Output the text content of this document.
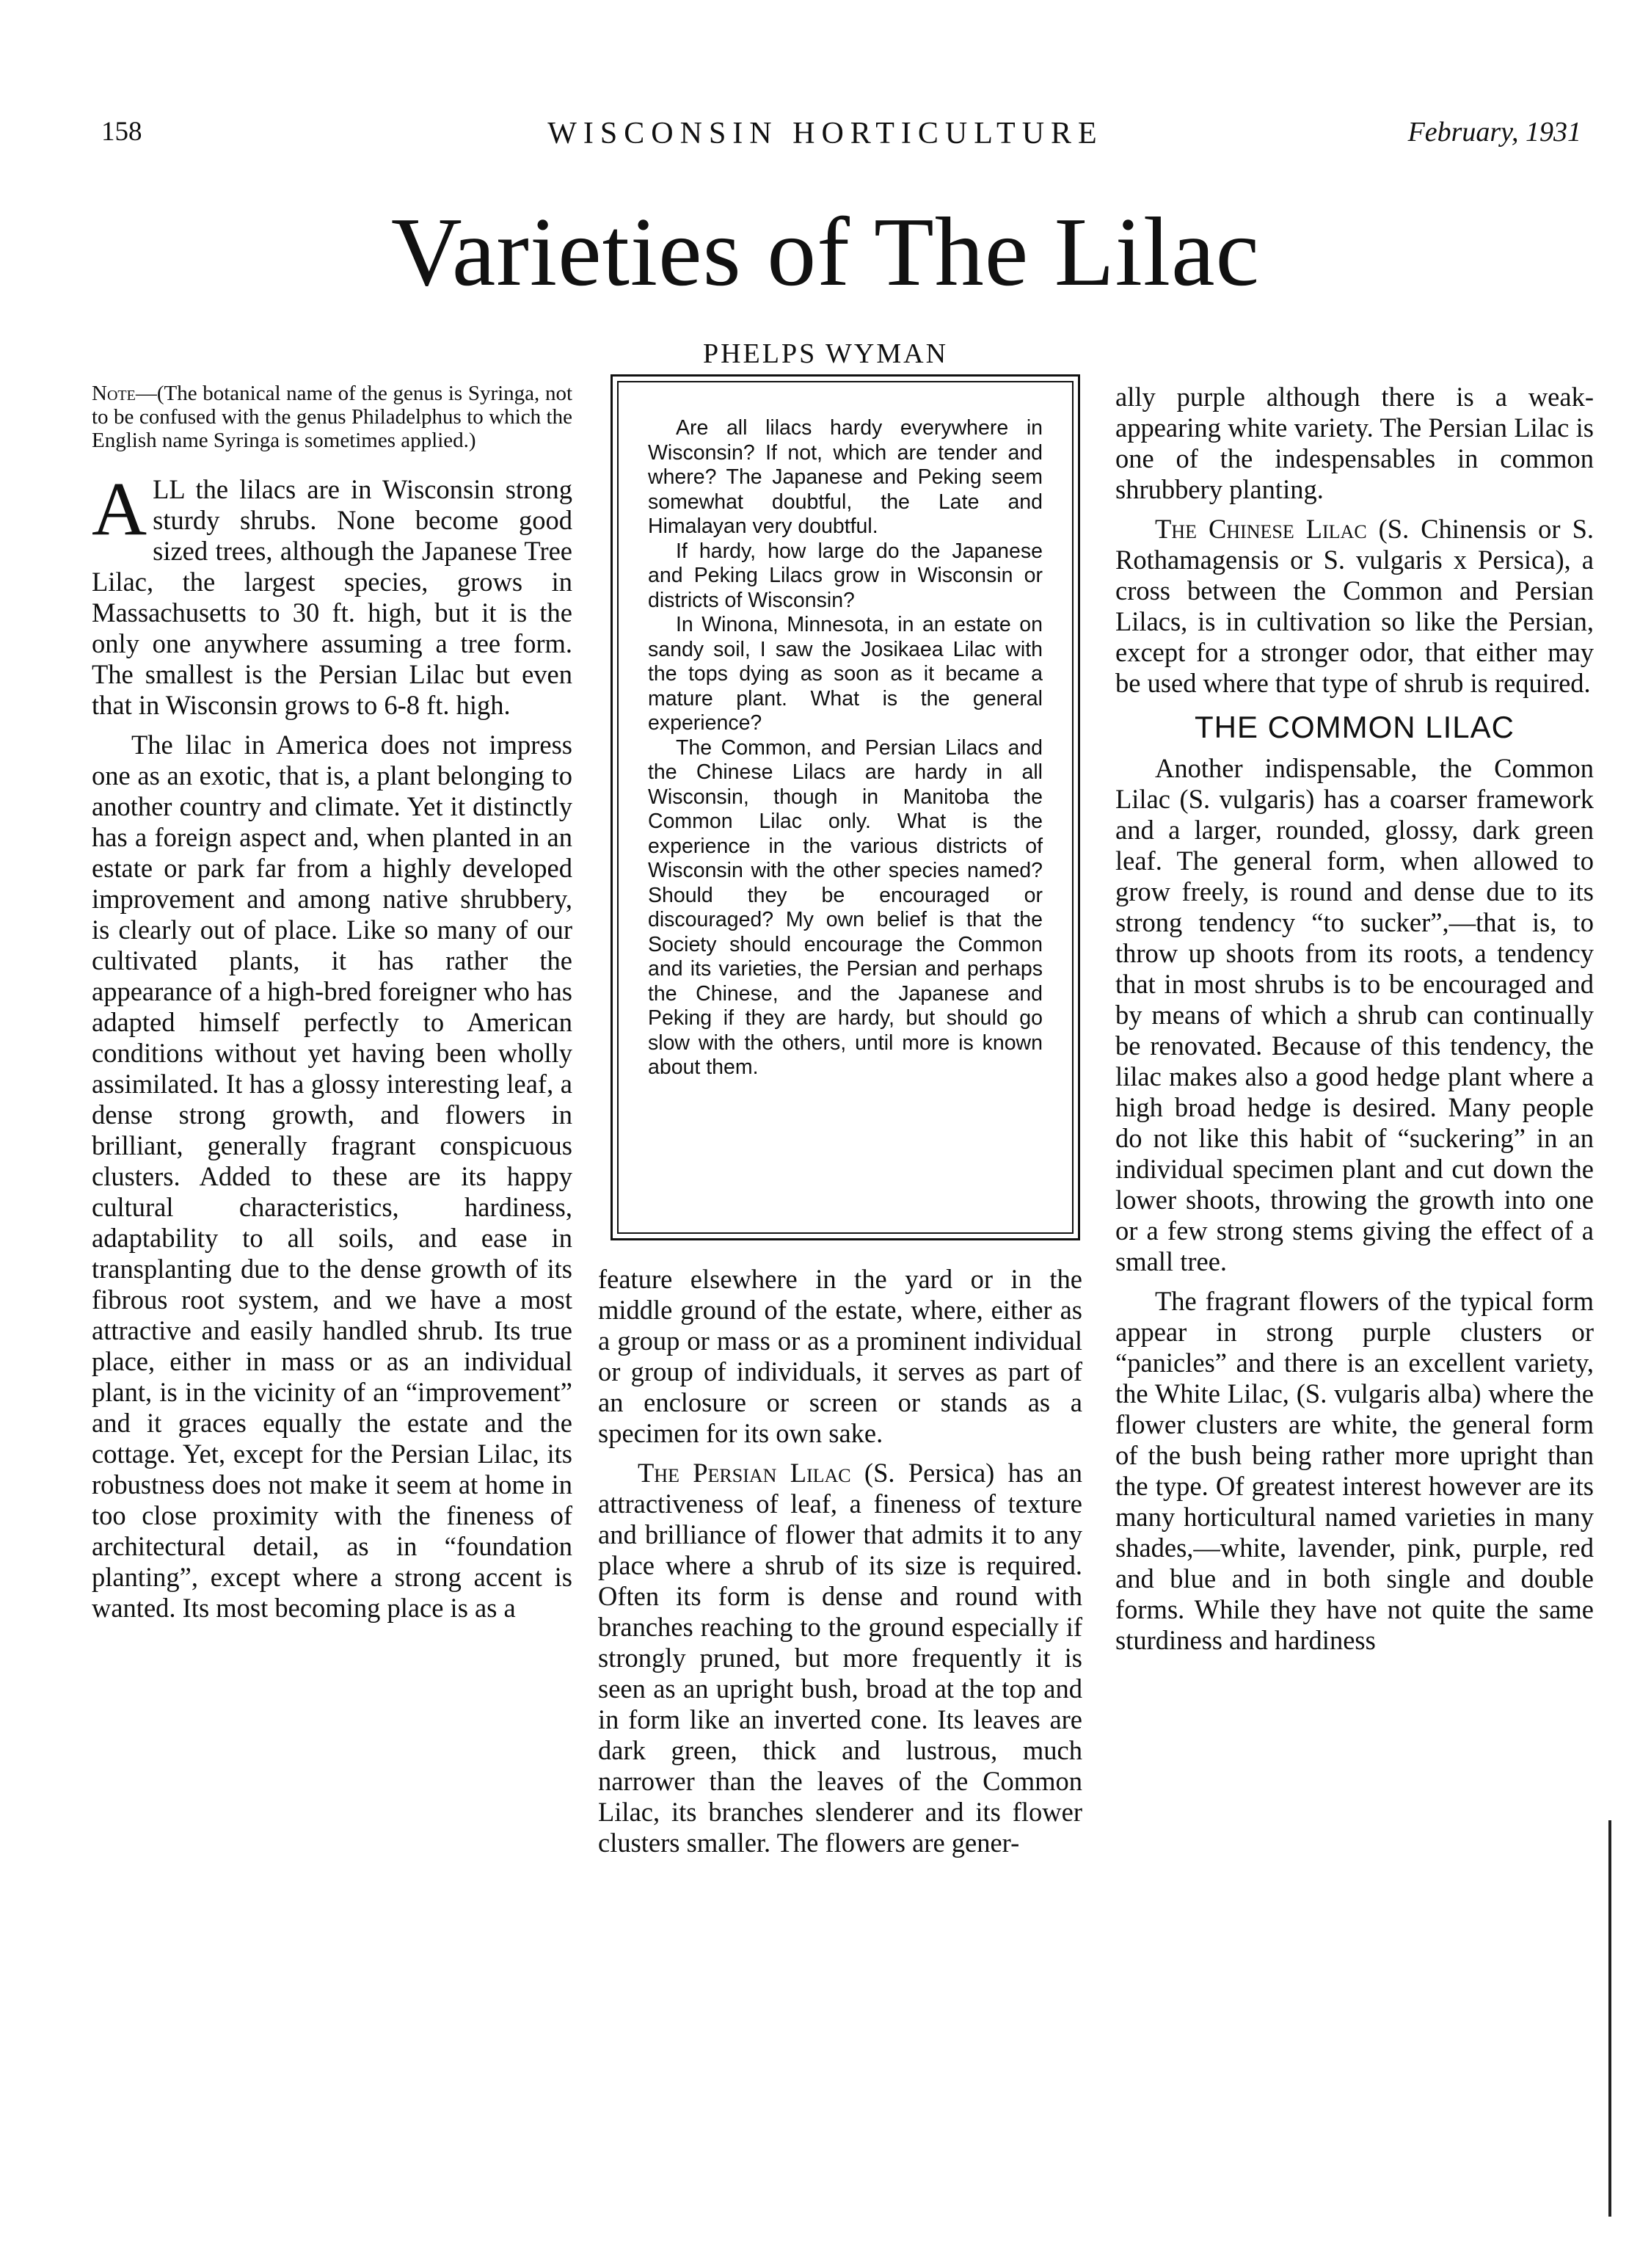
158	WISCONSIN HORTICULTURE	February, 1931
Varieties of The Lilac
PHELPS WYMAN

Note—(The botanical name of the genus is Syringa, not to be confused with the genus Philadelphus to which the English name Syringa is sometimes applied.)

ALL the lilacs are in Wisconsin strong sturdy shrubs. None become good sized trees, although the Japanese Tree Lilac, the largest species, grows in Massachusetts to 30 ft. high, but it is the only one anywhere assuming a tree form. The smallest is the Persian Lilac but even that in Wisconsin grows to 6-8 ft. high.

The lilac in America does not impress one as an exotic, that is, a plant belonging to another country and climate. Yet it distinctly has a foreign aspect and, when planted in an estate or park far from a highly developed improvement and among native shrubbery, is clearly out of place. Like so many of our cultivated plants, it has rather the appearance of a high-bred foreigner who has adapted himself perfectly to American conditions without yet having been wholly assimilated. It has a glossy interesting leaf, a dense strong growth, and flowers in brilliant, generally fragrant conspicuous clusters. Added to these are its happy cultural characteristics, hardiness, adaptability to all soils, and ease in transplanting due to the dense growth of its fibrous root system, and we have a most attractive and easily handled shrub. Its true place, either in mass or as an individual plant, is in the vicinity of an “improvement” and it graces equally the estate and the cottage. Yet, except for the Persian Lilac, its robustness does not make it seem at home in too close proximity with the fineness of architectural detail, as in “foundation planting”, except where a strong accent is wanted. Its most becoming place is as a

Are all lilacs hardy everywhere in Wisconsin? If not, which are tender and where? The Japanese and Peking seem somewhat doubtful, the Late and Himalayan very doubtful.

If hardy, how large do the Japanese and Peking Lilacs grow in Wisconsin or districts of Wisconsin?

In Winona, Minnesota, in an estate on sandy soil, I saw the Josikaea Lilac with the tops dying as soon as it became a mature plant. What is the general experience?

The Common, and Persian Lilacs and the Chinese Lilacs are hardy in all Wisconsin, though in Manitoba the Common Lilac only. What is the experience in the various districts of Wisconsin with the other species named? Should they be encouraged or discouraged? My own belief is that the Society should encourage the Common and its varieties, the Persian and perhaps the Chinese, and the Japanese and Peking if they are hardy, but should go slow with the others, until more is known about them.

feature elsewhere in the yard or in the middle ground of the estate, where, either as a group or mass or as a prominent individual or group of individuals, it serves as part of an enclosure or screen or stands as a specimen for its own sake.

The Persian Lilac (S. Persica) has an attractiveness of leaf, a fineness of texture and brilliance of flower that admits it to any place where a shrub of its size is required. Often its form is dense and round with branches reaching to the ground especially if strongly pruned, but more frequently it is seen as an upright bush, broad at the top and in form like an inverted cone. Its leaves are dark green, thick and lustrous, much narrower than the leaves of the Common Lilac, its branches slenderer and its flower clusters smaller. The flowers are gener-

ally purple although there is a weak-appearing white variety. The Persian Lilac is one of the indespensables in common shrubbery planting.

The Chinese Lilac (S. Chinensis or S. Rothamagensis or S. vulgaris x Persica), a cross between the Common and Persian Lilacs, is in cultivation so like the Persian, except for a stronger odor, that either may be used where that type of shrub is required.

THE COMMON LILAC

Another indispensable, the Common Lilac (S. vulgaris) has a coarser framework and a larger, rounded, glossy, dark green leaf. The general form, when allowed to grow freely, is round and dense due to its strong tendency “to sucker”,—that is, to throw up shoots from its roots, a tendency that in most shrubs is to be encouraged and by means of which a shrub can continually be renovated. Because of this tendency, the lilac makes also a good hedge plant where a high broad hedge is desired. Many people do not like this habit of “suckering” in an individual specimen plant and cut down the lower shoots, throwing the growth into one or a few strong stems giving the effect of a small tree.

The fragrant flowers of the typical form appear in strong purple clusters or “panicles” and there is an excellent variety, the White Lilac, (S. vulgaris alba) where the flower clusters are white, the general form of the bush being rather more upright than the type. Of greatest interest however are its many horticultural named varieties in many shades,—white, lavender, pink, purple, red and blue and in both single and double forms. While they have not quite the same sturdiness and hardiness
